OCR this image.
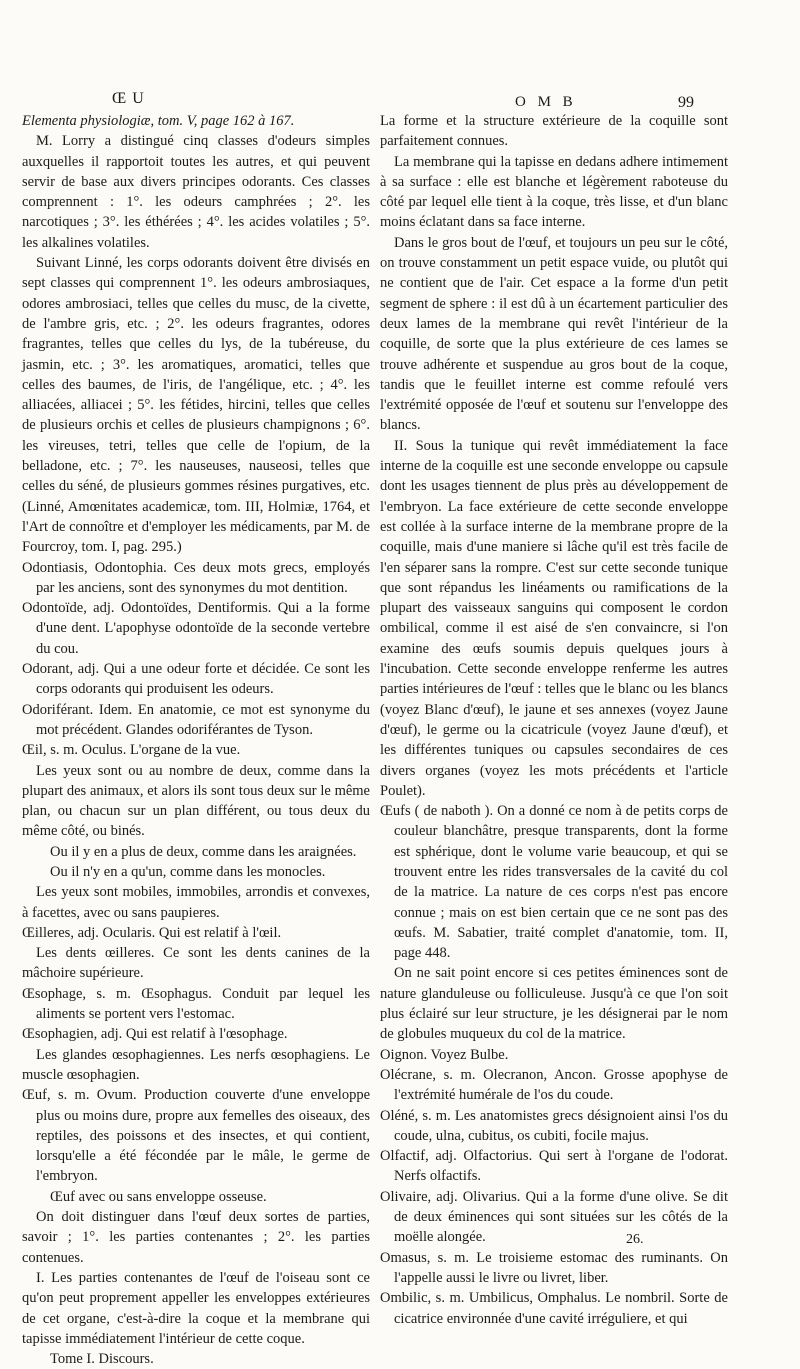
Œ U	O M B	99

Elementa physiologiæ, tom. V, page 162 à 167.

M. Lorry a distingué cinq classes d'odeurs simples auxquelles il rapportoit toutes les autres, et qui peuvent servir de base aux divers principes odorants. Ces classes comprennent : 1°. les odeurs camphrées ; 2°. les narcotiques ; 3°. les éthérées ; 4°. les acides volatiles ; 5°. les alkalines volatiles.

Suivant Linné, les corps odorants doivent être divisés en sept classes qui comprennent 1°. les odeurs ambrosiaques, odores ambrosiaci, telles que celles du musc, de la civette, de l'ambre gris, etc. ; 2°. les odeurs fragrantes, odores fragrantes, telles que celles du lys, de la tubéreuse, du jasmin, etc. ; 3°. les aromatiques, aromatici, telles que celles des baumes, de l'iris, de l'angélique, etc. ; 4°. les alliacées, alliacei ; 5°. les fétides, hircini, telles que celles de plusieurs orchis et celles de plusieurs champignons ; 6°. les vireuses, tetri, telles que celle de l'opium, de la belladone, etc. ; 7°. les nauseuses, nauseosi, telles que celles du séné, de plusieurs gommes résines purgatives, etc. (Linné, Amœnitates academicæ, tom. III, Holmiæ, 1764, et l'Art de connoître et d'employer les médicaments, par M. de Fourcroy, tom. I, pag. 295.)

Odontiasis, Odontophia. Ces deux mots grecs, employés par les anciens, sont des synonymes du mot dentition.

Odontoïde, adj. Odontoïdes, Dentiformis. Qui a la forme d'une dent. L'apophyse odontoïde de la seconde vertebre du cou.

Odorant, adj. Qui a une odeur forte et décidée. Ce sont les corps odorants qui produisent les odeurs.

Odoriférant. Idem. En anatomie, ce mot est synonyme du mot précédent. Glandes odoriférantes de Tyson.

Œil, s. m. Oculus. L'organe de la vue.

Les yeux sont ou au nombre de deux, comme dans la plupart des animaux, et alors ils sont tous deux sur le même plan, ou chacun sur un plan différent, ou tous deux du même côté, ou binés.

Ou il y en a plus de deux, comme dans les araignées.

Ou il n'y en a qu'un, comme dans les monocles.

Les yeux sont mobiles, immobiles, arrondis et convexes, à facettes, avec ou sans paupieres.

Œilleres, adj. Ocularis. Qui est relatif à l'œil.

Les dents œilleres. Ce sont les dents canines de la mâchoire supérieure.

Œsophage, s. m. Œsophagus. Conduit par lequel les aliments se portent vers l'estomac.

Œsophagien, adj. Qui est relatif à l'œsophage.

Les glandes œsophagiennes. Les nerfs œsophagiens. Le muscle œsophagien.

Œuf, s. m. Ovum. Production couverte d'une enveloppe plus ou moins dure, propre aux femelles des oiseaux, des reptiles, des poissons et des insectes, et qui contient, lorsqu'elle a été fécondée par le mâle, le germe de l'embryon.

Œuf avec ou sans enveloppe osseuse.

On doit distinguer dans l'œuf deux sortes de parties, savoir ; 1°. les parties contenantes ; 2°. les parties contenues.

I. Les parties contenantes de l'œuf de l'oiseau sont ce qu'on peut proprement appeller les enveloppes extérieures de cet organe, c'est-à-dire la coque et la membrane qui tapisse immédiatement l'intérieur de cette coque.

Tome I. Discours.

La forme et la structure extérieure de la coquille sont parfaitement connues.

La membrane qui la tapisse en dedans adhere intimement à sa surface : elle est blanche et légèrement raboteuse du côté par lequel elle tient à la coque, très lisse, et d'un blanc moins éclatant dans sa face interne.

Dans le gros bout de l'œuf, et toujours un peu sur le côté, on trouve constamment un petit espace vuide, ou plutôt qui ne contient que de l'air. Cet espace a la forme d'un petit segment de sphere : il est dû à un écartement particulier des deux lames de la membrane qui revêt l'intérieur de la coquille, de sorte que la plus extérieure de ces lames se trouve adhérente et suspendue au gros bout de la coque, tandis que le feuillet interne est comme refoulé vers l'extrémité opposée de l'œuf et soutenu sur l'enveloppe des blancs.

II. Sous la tunique qui revêt immédiatement la face interne de la coquille est une seconde enveloppe ou capsule dont les usages tiennent de plus près au développement de l'embryon. La face extérieure de cette seconde enveloppe est collée à la surface interne de la membrane propre de la coquille, mais d'une maniere si lâche qu'il est très facile de l'en séparer sans la rompre. C'est sur cette seconde tunique que sont répandus les linéaments ou ramifications de la plupart des vaisseaux sanguins qui composent le cordon ombilical, comme il est aisé de s'en convaincre, si l'on examine des œufs soumis depuis quelques jours à l'incubation. Cette seconde enveloppe renferme les autres parties intérieures de l'œuf : telles que le blanc ou les blancs (voyez Blanc d'œuf), le jaune et ses annexes (voyez Jaune d'œuf), le germe ou la cicatricule (voyez Jaune d'œuf), et les différentes tuniques ou capsules secondaires de ces divers organes (voyez les mots précédents et l'article Poulet).

Œufs ( de naboth ). On a donné ce nom à de petits corps de couleur blanchâtre, presque transparents, dont la forme est sphérique, dont le volume varie beaucoup, et qui se trouvent entre les rides transversales de la cavité du col de la matrice. La nature de ces corps n'est pas encore connue ; mais on est bien certain que ce ne sont pas des œufs. M. Sabatier, traité complet d'anatomie, tom. II, page 448.

On ne sait point encore si ces petites éminences sont de nature glanduleuse ou folliculeuse. Jusqu'à ce que l'on soit plus éclairé sur leur structure, je les désignerai par le nom de globules muqueux du col de la matrice.

Oignon. Voyez Bulbe.

Olécrane, s. m. Olecranon, Ancon. Grosse apophyse de l'extrémité humérale de l'os du coude.

Oléné, s. m. Les anatomistes grecs désignoient ainsi l'os du coude, ulna, cubitus, os cubiti, focile majus.

Olfactif, adj. Olfactorius. Qui sert à l'organe de l'odorat. Nerfs olfactifs.

Olivaire, adj. Olivarius. Qui a la forme d'une olive. Se dit de deux éminences qui sont situées sur les côtés de la moëlle alongée.

Omasus, s. m. Le troisieme estomac des ruminants. On l'appelle aussi le livre ou livret, liber.

Ombilic, s. m. Umbilicus, Omphalus. Le nombril. Sorte de cicatrice environnée d'une cavité irréguliere, et qui

26.
